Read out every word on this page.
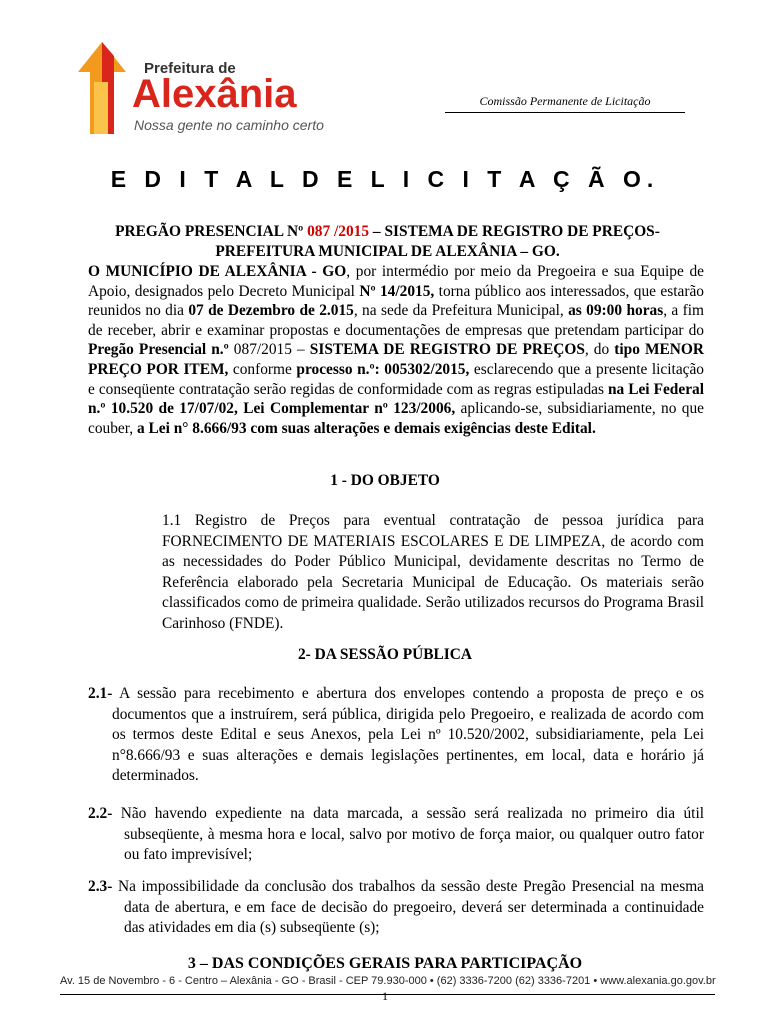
Prefeitura de
Alexânia
Nossa gente no caminho certo
Comissão Permanente de Licitação
E D I T A L D E L I C I T A Ç Ã O.
PREGÃO PRESENCIAL Nº 087 /2015 – SISTEMA DE REGISTRO DE PREÇOS-
PREFEITURA MUNICIPAL DE ALEXÂNIA – GO.
O MUNICÍPIO DE ALEXÂNIA - GO, por intermédio por meio da Pregoeira e sua Equipe de Apoio, designados pelo Decreto Municipal Nº 14/2015, torna público aos interessados, que estarão reunidos no dia 07 de Dezembro de 2.015, na sede da Prefeitura Municipal, as 09:00 horas, a fim de receber, abrir e examinar propostas e documentações de empresas que pretendam participar do Pregão Presencial n.º 087/2015 – SISTEMA DE REGISTRO DE PREÇOS, do tipo MENOR PREÇO POR ITEM, conforme processo n.º: 005302/2015, esclarecendo que a presente licitação e conseqüente contratação serão regidas de conformidade com as regras estipuladas na Lei Federal n.º 10.520 de 17/07/02, Lei Complementar nº 123/2006, aplicando-se, subsidiariamente, no que couber, a Lei n° 8.666/93 com suas alterações e demais exigências deste Edital.
1 - DO OBJETO
1.1 Registro de Preços para eventual contratação de pessoa jurídica para FORNECIMENTO DE MATERIAIS ESCOLARES E DE LIMPEZA, de acordo com as necessidades do Poder Público Municipal, devidamente descritas no Termo de Referência elaborado pela Secretaria Municipal de Educação. Os materiais serão classificados como de primeira qualidade. Serão utilizados recursos do Programa Brasil Carinhoso (FNDE).
2- DA SESSÃO PÚBLICA
2.1- A sessão para recebimento e abertura dos envelopes contendo a proposta de preço e os documentos que a instruírem, será pública, dirigida pelo Pregoeiro, e realizada de acordo com os termos deste Edital e seus Anexos, pela Lei nº 10.520/2002, subsidiariamente, pela Lei n°8.666/93 e suas alterações e demais legislações pertinentes, em local, data e horário já determinados.
2.2- Não havendo expediente na data marcada, a sessão será realizada no primeiro dia útil subseqüente, à mesma hora e local, salvo por motivo de força maior, ou qualquer outro fator ou fato imprevisível;
2.3- Na impossibilidade da conclusão dos trabalhos da sessão deste Pregão Presencial na mesma data de abertura, e em face de decisão do pregoeiro, deverá ser determinada a continuidade das atividades em dia (s) subseqüente (s);
3 – DAS CONDIÇÕES GERAIS PARA PARTICIPAÇÃO
Av. 15 de Novembro - 6 - Centro – Alexânia - GO - Brasil - CEP 79.930-000 • (62) 3336-7200 (62) 3336-7201 • www.alexania.go.gov.br
1
